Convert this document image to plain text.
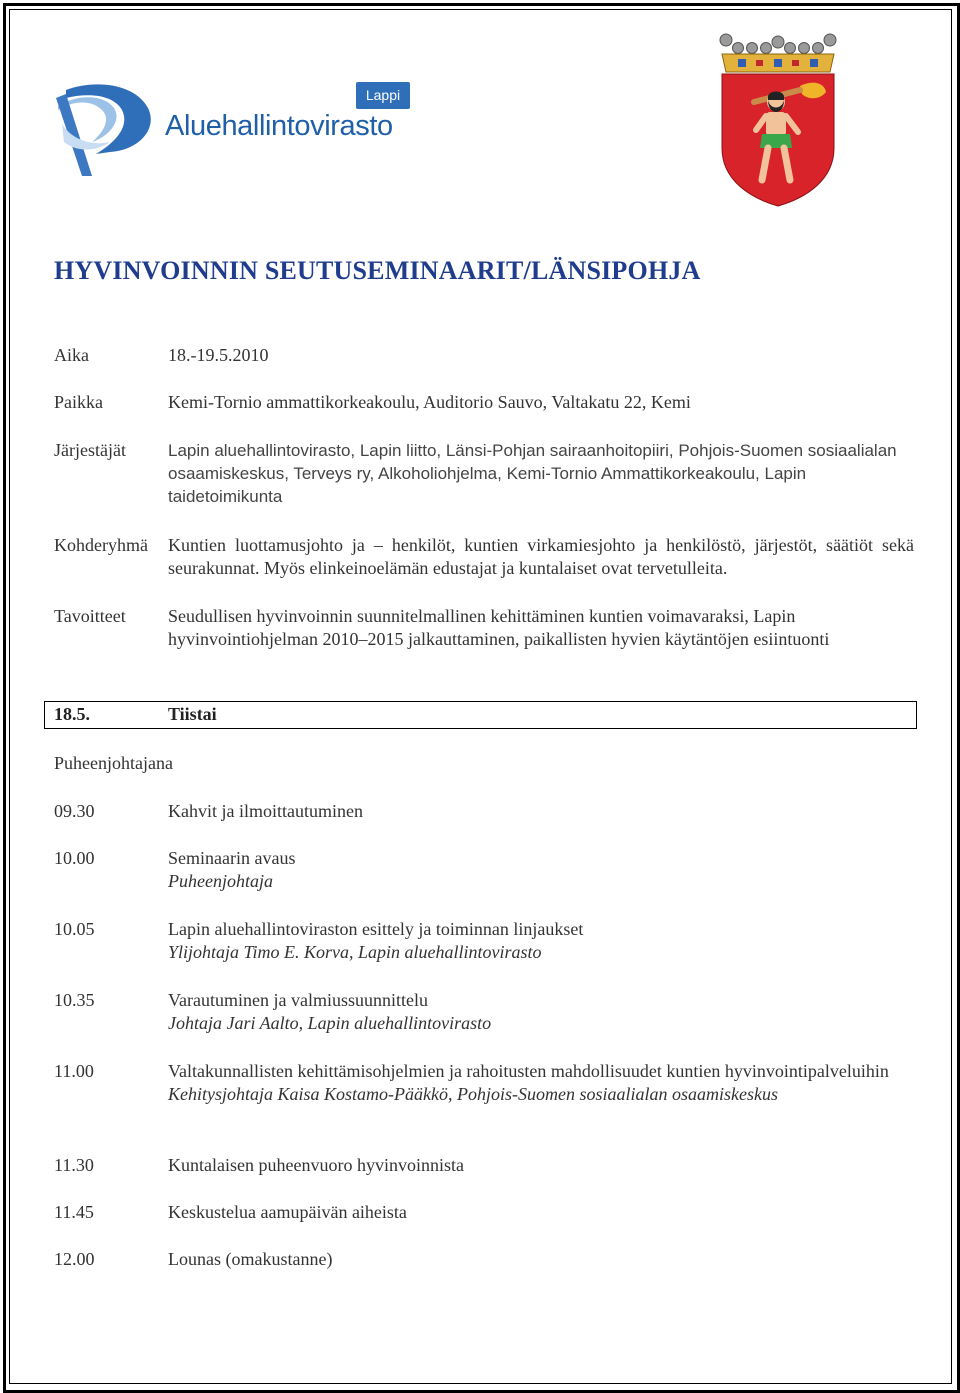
Lappi
Aluehallintovirasto
HYVINVOINNIN SEUTUSEMINAARIT/LÄNSIPOHJA
Aika	18.-19.5.2010
Paikka	Kemi-Tornio ammattikorkeakoulu, Auditorio Sauvo, Valtakatu 22, Kemi
Järjestäjät Lapin aluehallintovirasto, Lapin liitto, Länsi-Pohjan sairaanhoitopiiri, Pohjois-Suomen sosiaalialan osaamiskeskus, Terveys ry, Alkoholiohjelma, Kemi-Tornio Ammattikorkeakoulu, Lapin taidetoimikunta
Kohderyhmä Kuntien luottamusjohto ja – henkilöt, kuntien virkamiesjohto ja henkilöstö, järjestöt, säätiöt sekä seurakunnat. Myös elinkeinoelämän edustajat ja kuntalaiset ovat tervetulleita.
Tavoitteet Seudullisen hyvinvoinnin suunnitelmallinen kehittäminen kuntien voimavaraksi, Lapin hyvinvointiohjelman 2010–2015 jalkauttaminen, paikallisten hyvien käytäntöjen esiintuonti
18.5.	Tiistai
Puheenjohtajana
09.30	Kahvit ja ilmoittautuminen
10.00	Seminaarin avaus
Puheenjohtaja
10.05	Lapin aluehallintoviraston esittely ja toiminnan linjaukset
Ylijohtaja Timo E. Korva, Lapin aluehallintovirasto
10.35	Varautuminen ja valmiussuunnittelu
Johtaja Jari Aalto, Lapin aluehallintovirasto
11.00	Valtakunnallisten kehittämisohjelmien ja rahoitusten mahdollisuudet kuntien hyvinvointipalveluihin
Kehitysjohtaja Kaisa Kostamo-Pääkkö, Pohjois-Suomen sosiaalialan osaamiskeskus
11.30	Kuntalaisen puheenvuoro hyvinvoinnista
11.45	Keskustelua aamupäivän aiheista
12.00	Lounas (omakustanne)
